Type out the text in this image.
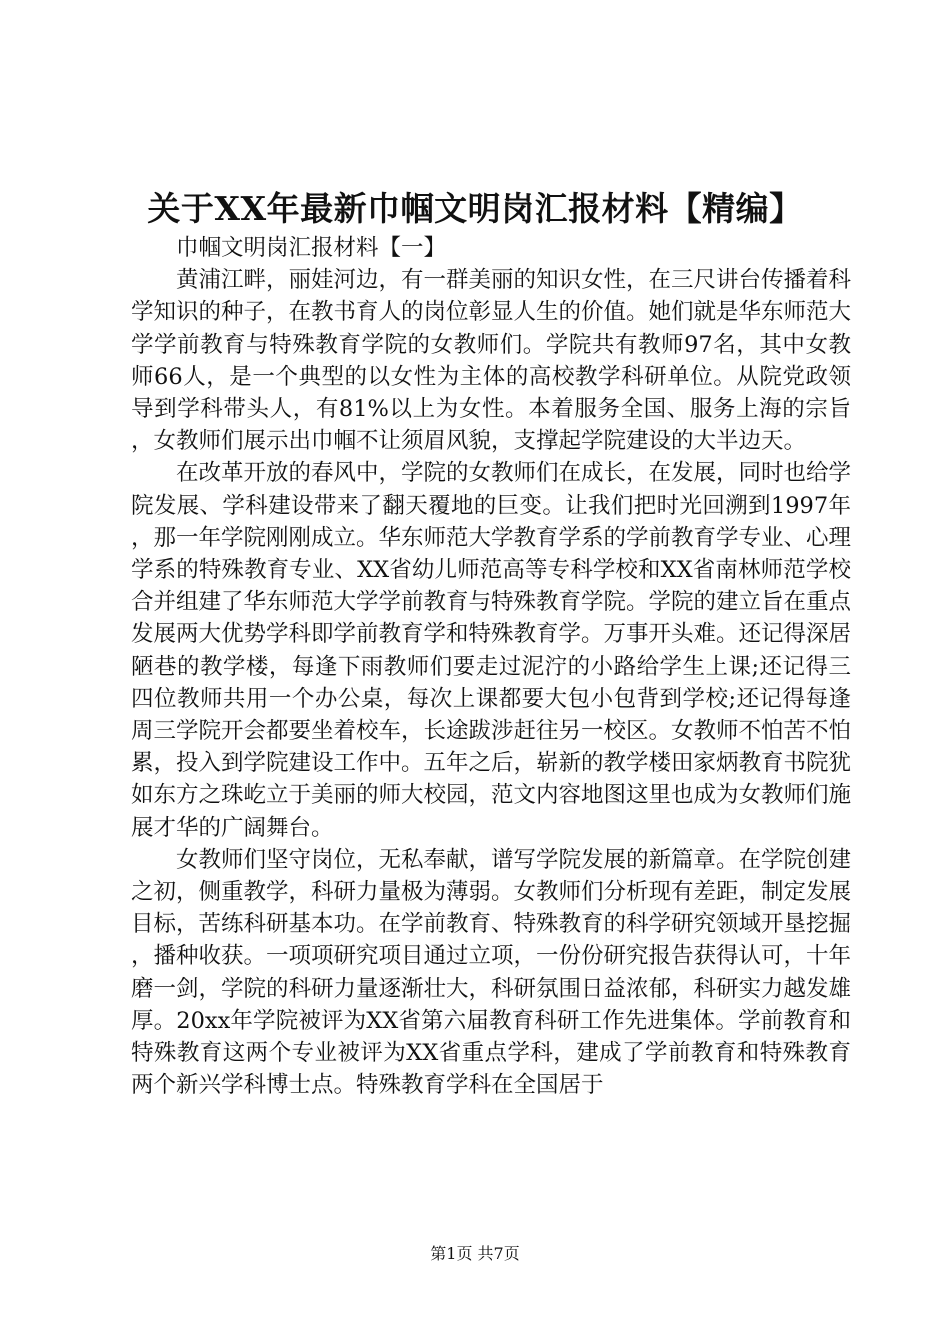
关于XX年最新巾帼文明岗汇报材料【精编】

巾帼文明岗汇报材料【一】

黄浦江畔，丽娃河边，有一群美丽的知识女性，在三尺讲台传播着科学知识的种子，在教书育人的岗位彰显人生的价值。她们就是华东师范大学学前教育与特殊教育学院的女教师们。学院共有教师97名，其中女教师66人，是一个典型的以女性为主体的高校教学科研单位。从院党政领导到学科带头人，有81%以上为女性。本着服务全国、服务上海的宗旨，女教师们展示出巾帼不让须眉风貌，支撑起学院建设的大半边天。

在改革开放的春风中，学院的女教师们在成长，在发展，同时也给学院发展、学科建设带来了翻天覆地的巨变。让我们把时光回溯到1997年，那一年学院刚刚成立。华东师范大学教育学系的学前教育学专业、心理学系的特殊教育专业、XX省幼儿师范高等专科学校和XX省南林师范学校合并组建了华东师范大学学前教育与特殊教育学院。学院的建立旨在重点发展两大优势学科即学前教育学和特殊教育学。万事开头难。还记得深居陋巷的教学楼，每逢下雨教师们要走过泥泞的小路给学生上课;还记得三四位教师共用一个办公桌，每次上课都要大包小包背到学校;还记得每逢周三学院开会都要坐着校车，长途跋涉赶往另一校区。女教师不怕苦不怕累，投入到学院建设工作中。五年之后，崭新的教学楼田家炳教育书院犹如东方之珠屹立于美丽的师大校园，范文内容地图这里也成为女教师们施展才华的广阔舞台。

女教师们坚守岗位，无私奉献，谱写学院发展的新篇章。在学院创建之初，侧重教学，科研力量极为薄弱。女教师们分析现有差距，制定发展目标，苦练科研基本功。在学前教育、特殊教育的科学研究领域开垦挖掘，播种收获。一项项研究项目通过立项，一份份研究报告获得认可，十年磨一剑，学院的科研力量逐渐壮大，科研氛围日益浓郁，科研实力越发雄厚。20xx年学院被评为XX省第六届教育科研工作先进集体。学前教育和特殊教育这两个专业被评为XX省重点学科，建成了学前教育和特殊教育两个新兴学科博士点。特殊教育学科在全国居于

第1页 共7页
